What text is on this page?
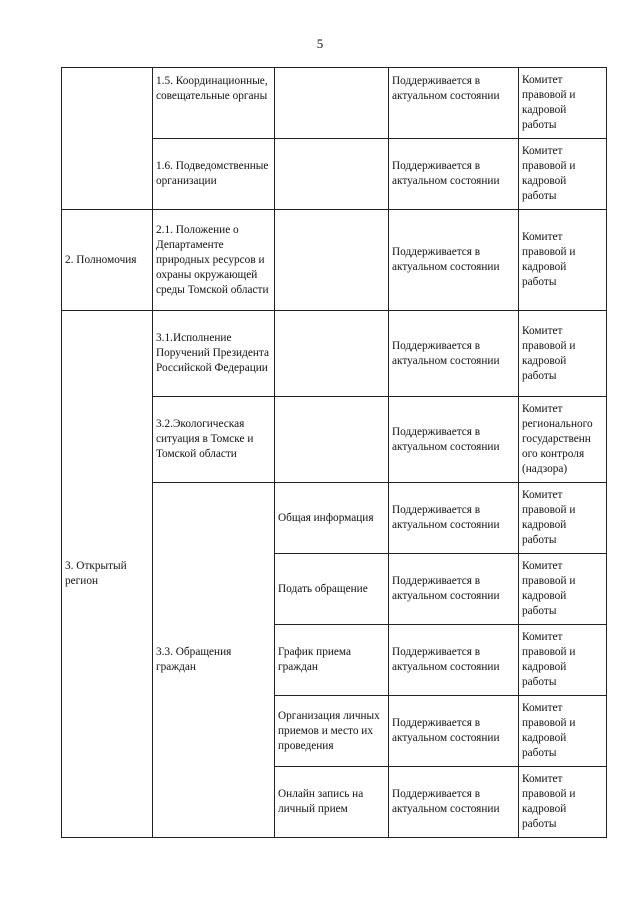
5
	1.5. Координационные, совещательные органы		Поддерживается в актуальном состоянии	Комитет правовой и кадровой работы
	1.6. Подведомственные организации		Поддерживается в актуальном состоянии	Комитет правовой и кадровой работы
2. Полномочия	2.1. Положение о Департаменте природных ресурсов и охраны окружающей среды Томской области		Поддерживается в актуальном состоянии	Комитет правовой и кадровой работы
3. Открытый регион	3.1.Исполнение Поручений Президента Российской Федерации		Поддерживается в актуальном состоянии	Комитет правовой и кадровой работы
	3.2.Экологическая ситуация в Томске и Томской области		Поддерживается в актуальном состоянии	Комитет регионального государственн ого контроля (надзора)
	3.3. Обращения граждан	Общая информация	Поддерживается в актуальном состоянии	Комитет правовой и кадровой работы
		Подать обращение	Поддерживается в актуальном состоянии	Комитет правовой и кадровой работы
		График приема граждан	Поддерживается в актуальном состоянии	Комитет правовой и кадровой работы
		Организация личных приемов и место их проведения	Поддерживается в актуальном состоянии	Комитет правовой и кадровой работы
		Онлайн запись на личный прием	Поддерживается в актуальном состоянии	Комитет правовой и кадровой работы
